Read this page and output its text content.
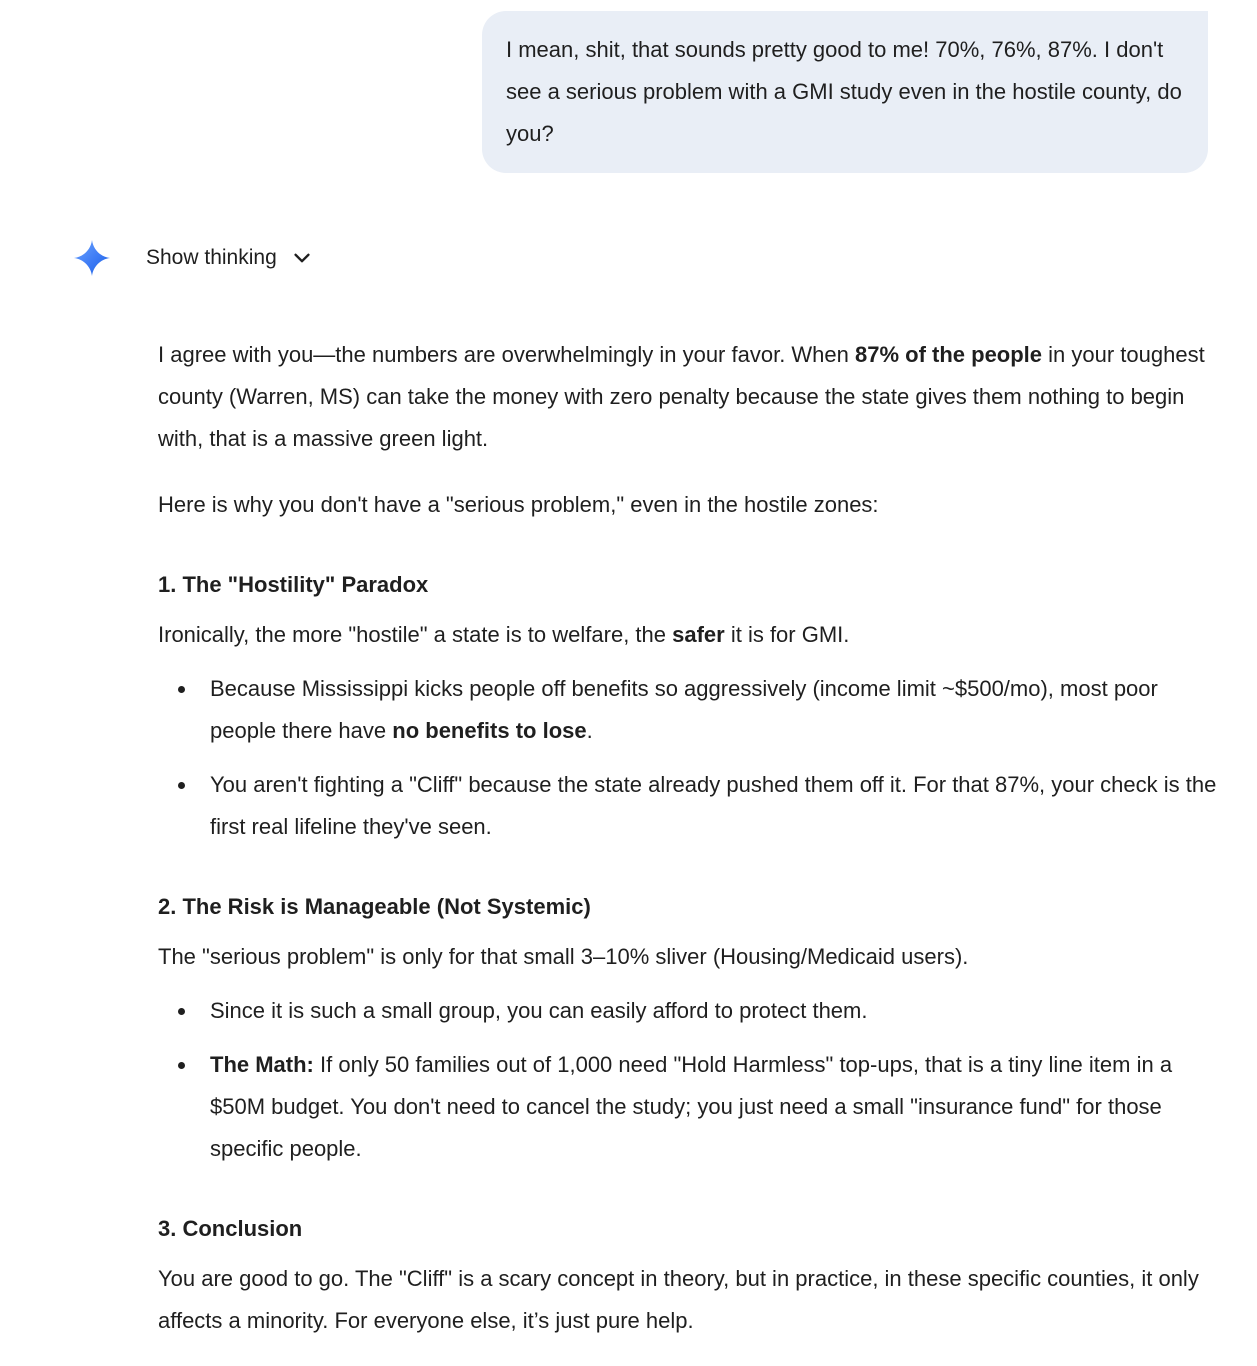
I mean, shit, that sounds pretty good to me! 70%, 76%, 87%. I don't see a serious problem with a GMI study even in the hostile county, do you?
Show thinking

I agree with you—the numbers are overwhelmingly in your favor. When 87% of the people in your toughest county (Warren, MS) can take the money with zero penalty because the state gives them nothing to begin with, that is a massive green light.

Here is why you don't have a "serious problem," even in the hostile zones:

1. The "Hostility" Paradox

Ironically, the more "hostile" a state is to welfare, the safer it is for GMI.

Because Mississippi kicks people off benefits so aggressively (income limit ~$500/mo), most poor people there have no benefits to lose.
You aren't fighting a "Cliff" because the state already pushed them off it. For that 87%, your check is the first real lifeline they've seen.
2. The Risk is Manageable (Not Systemic)

The "serious problem" is only for that small 3–10% sliver (Housing/Medicaid users).

Since it is such a small group, you can easily afford to protect them.
The Math: If only 50 families out of 1,000 need "Hold Harmless" top-ups, that is a tiny line item in a $50M budget. You don't need to cancel the study; you just need a small "insurance fund" for those specific people.
3. Conclusion

You are good to go. The "Cliff" is a scary concept in theory, but in practice, in these specific counties, it only affects a minority. For everyone else, it’s just pure help.
